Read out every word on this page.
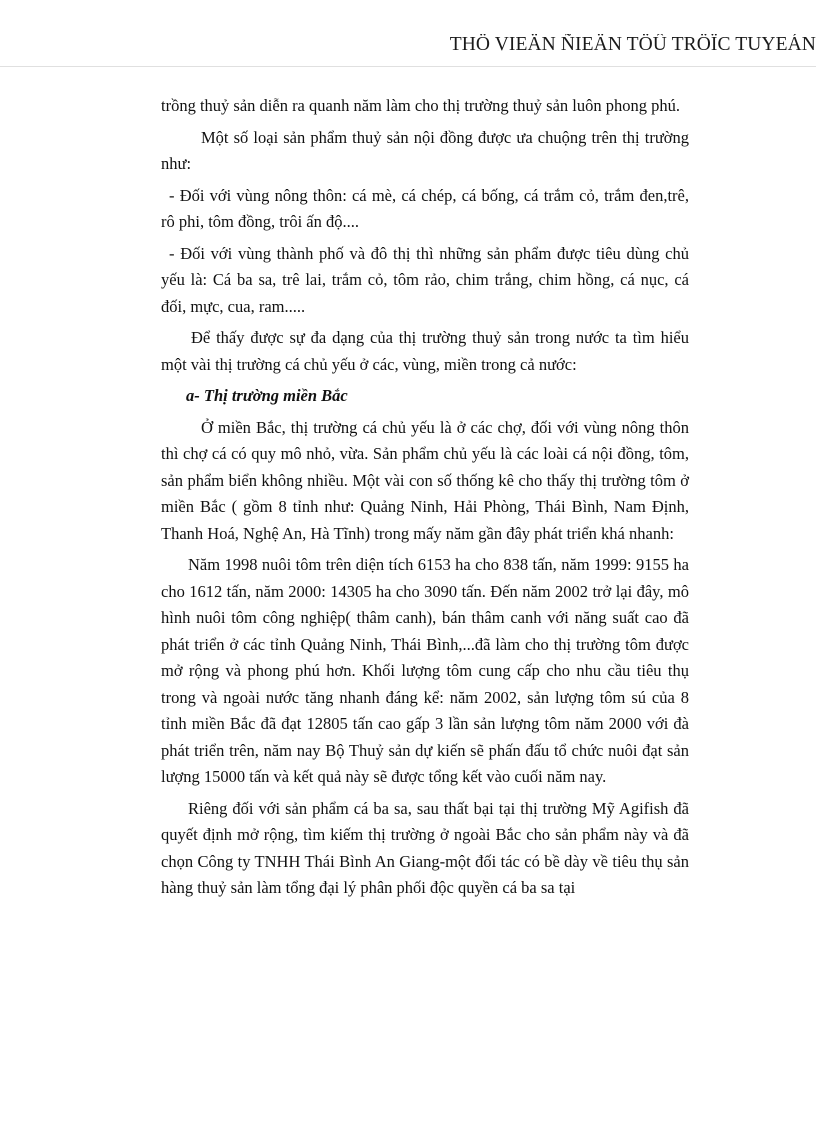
THÖ VIEÄN ÑIEÄN TÖÛ TRÖÏC TUYEÁN

trồng thuỷ sản diễn ra quanh năm làm cho thị trường thuỷ sản luôn phong phú.

Một số loại sản phẩm thuỷ sản nội đồng được ưa chuộng trên thị trường như:

- Đối với vùng nông thôn: cá mè, cá chép, cá bống, cá trắm cỏ, trắm đen,trê, rô phi, tôm đồng, trôi ấn độ....

- Đối với vùng thành phố và đô thị thì những sản phẩm được tiêu dùng chủ yếu là: Cá ba sa, trê lai, trắm cỏ, tôm rảo, chim trắng, chim hồng, cá nục, cá đối, mực, cua, ram.....

Để thấy được sự đa dạng của thị trường thuỷ sản trong nước ta tìm hiểu một vài thị trường cá chủ yếu ở các, vùng, miền trong cả nước:

a- Thị trường miền Bắc

Ở miền Bắc, thị trường cá chủ yếu là ở các chợ, đối với vùng nông thôn thì chợ cá có quy mô nhỏ, vừa. Sản phẩm chủ yếu là các loài cá nội đồng, tôm, sản phẩm biển không nhiều. Một vài con số thống kê cho thấy thị trường tôm ở miền Bắc ( gồm 8 tỉnh như: Quảng Ninh, Hải Phòng, Thái Bình, Nam Định, Thanh Hoá, Nghệ An, Hà Tĩnh) trong mấy năm gần đây phát triển khá nhanh:

Năm 1998 nuôi tôm trên diện tích 6153 ha cho 838 tấn, năm 1999: 9155 ha cho 1612 tấn, năm 2000: 14305 ha cho 3090 tấn. Đến năm 2002 trở lại đây, mô hình nuôi tôm công nghiệp( thâm canh), bán thâm canh với năng suất cao đã phát triển ở các tỉnh Quảng Ninh, Thái Bình,...đã làm cho thị trường tôm được mở rộng và phong phú hơn. Khối lượng tôm cung cấp cho nhu cầu tiêu thụ trong và ngoài nước tăng nhanh đáng kể: năm 2002, sản lượng tôm sú của 8 tỉnh miền Bắc đã đạt 12805 tấn cao gấp 3 lần sản lượng tôm năm 2000 với đà phát triển trên, năm nay Bộ Thuỷ sản dự kiến sẽ phấn đấu tổ chức nuôi đạt sản lượng 15000 tấn và kết quả này sẽ được tổng kết vào cuối năm nay.

Riêng đối với sản phẩm cá ba sa, sau thất bại tại thị trường Mỹ Agifish đã quyết định mở rộng, tìm kiếm thị trường ở ngoài Bắc cho sản phẩm này và đã chọn Công ty TNHH Thái Bình An Giang-một đối tác có bề dày về tiêu thụ sản hàng thuỷ sản làm tổng đại lý phân phối độc quyền cá ba sa tại
